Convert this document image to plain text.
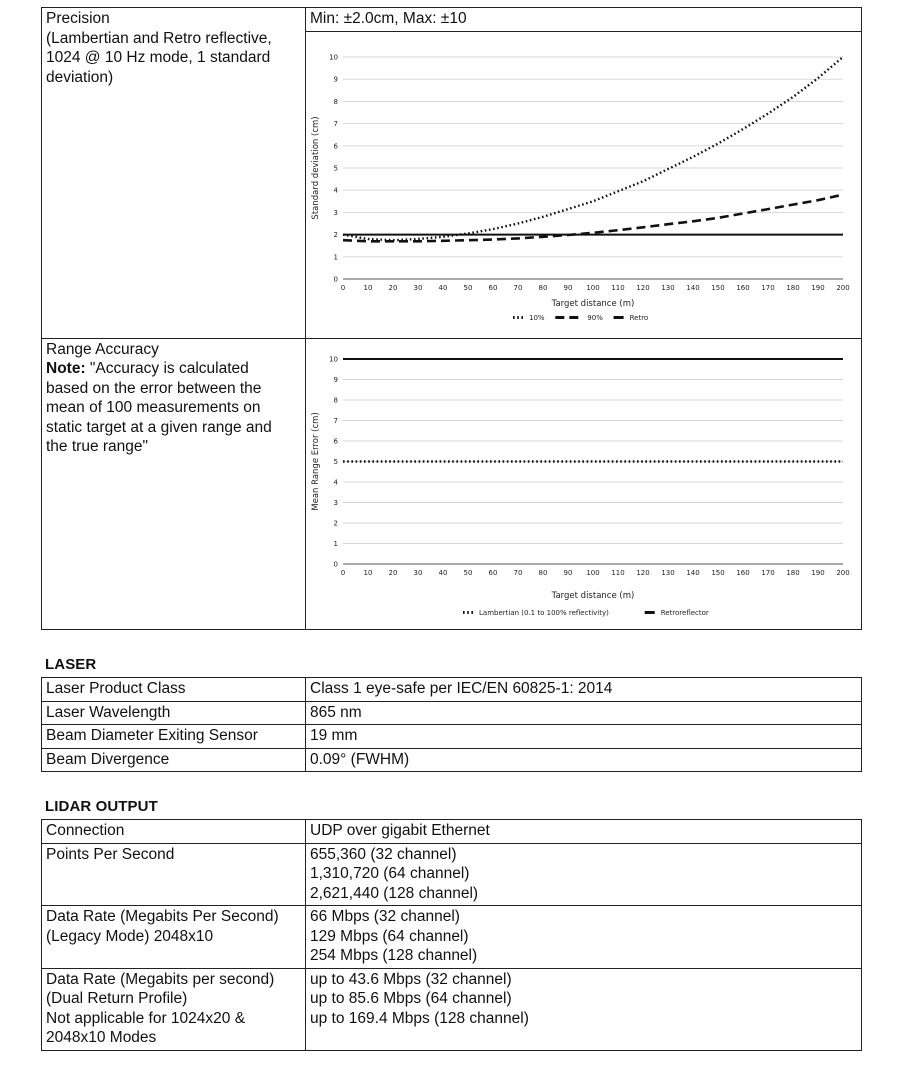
Precision
(Lambertian and Retro reflective,
1024 @ 10 Hz mode, 1 standard
deviation)	Min: ±2.0cm, Max: ±10

0
1
2
3
4
5
6
7
8
9
10
0	10 20 30 40 50 60 70 80 90 100 110 120 130 140 150 160 170 180 190 200
Standard deviation (cm)
Target distance (m)
10%	90%	Retro

Range Accuracy
Note: "Accuracy is calculated
based on the error between the
mean of 100 measurements on
static target at a given range and
the true range"

0
1
2
3
4
5
6
7
8
9
10
0	10 20 30 40 50 60 70 80 90 100 110 120 130 140 150 160 170 180 190 200
Mean Range Error (cm)
Target distance (m)
Lambertian (0.1 to 100% reflectivity)	Retroreflector
LASER
Laser Product Class	Class 1 eye-safe per IEC/EN 60825-1: 2014
Laser Wavelength	865 nm
Beam Diameter Exiting Sensor	19 mm
Beam Divergence	0.09° (FWHM)
LIDAR OUTPUT
Connection	UDP over gigabit Ethernet

Points Per Second	655,360 (32 channel)
1,310,720 (64 channel)
2,621,440 (128 channel)

Data Rate (Megabits Per Second)
(Legacy Mode) 2048x10	66 Mbps (32 channel)
129 Mbps (64 channel)
254 Mbps (128 channel)

Data Rate (Megabits per second)
(Dual Return Profile)
Not applicable for 1024x20 &
2048x10 Modes	up to 43.6 Mbps (32 channel)
up to 85.6 Mbps (64 channel)
up to 169.4 Mbps (128 channel)
